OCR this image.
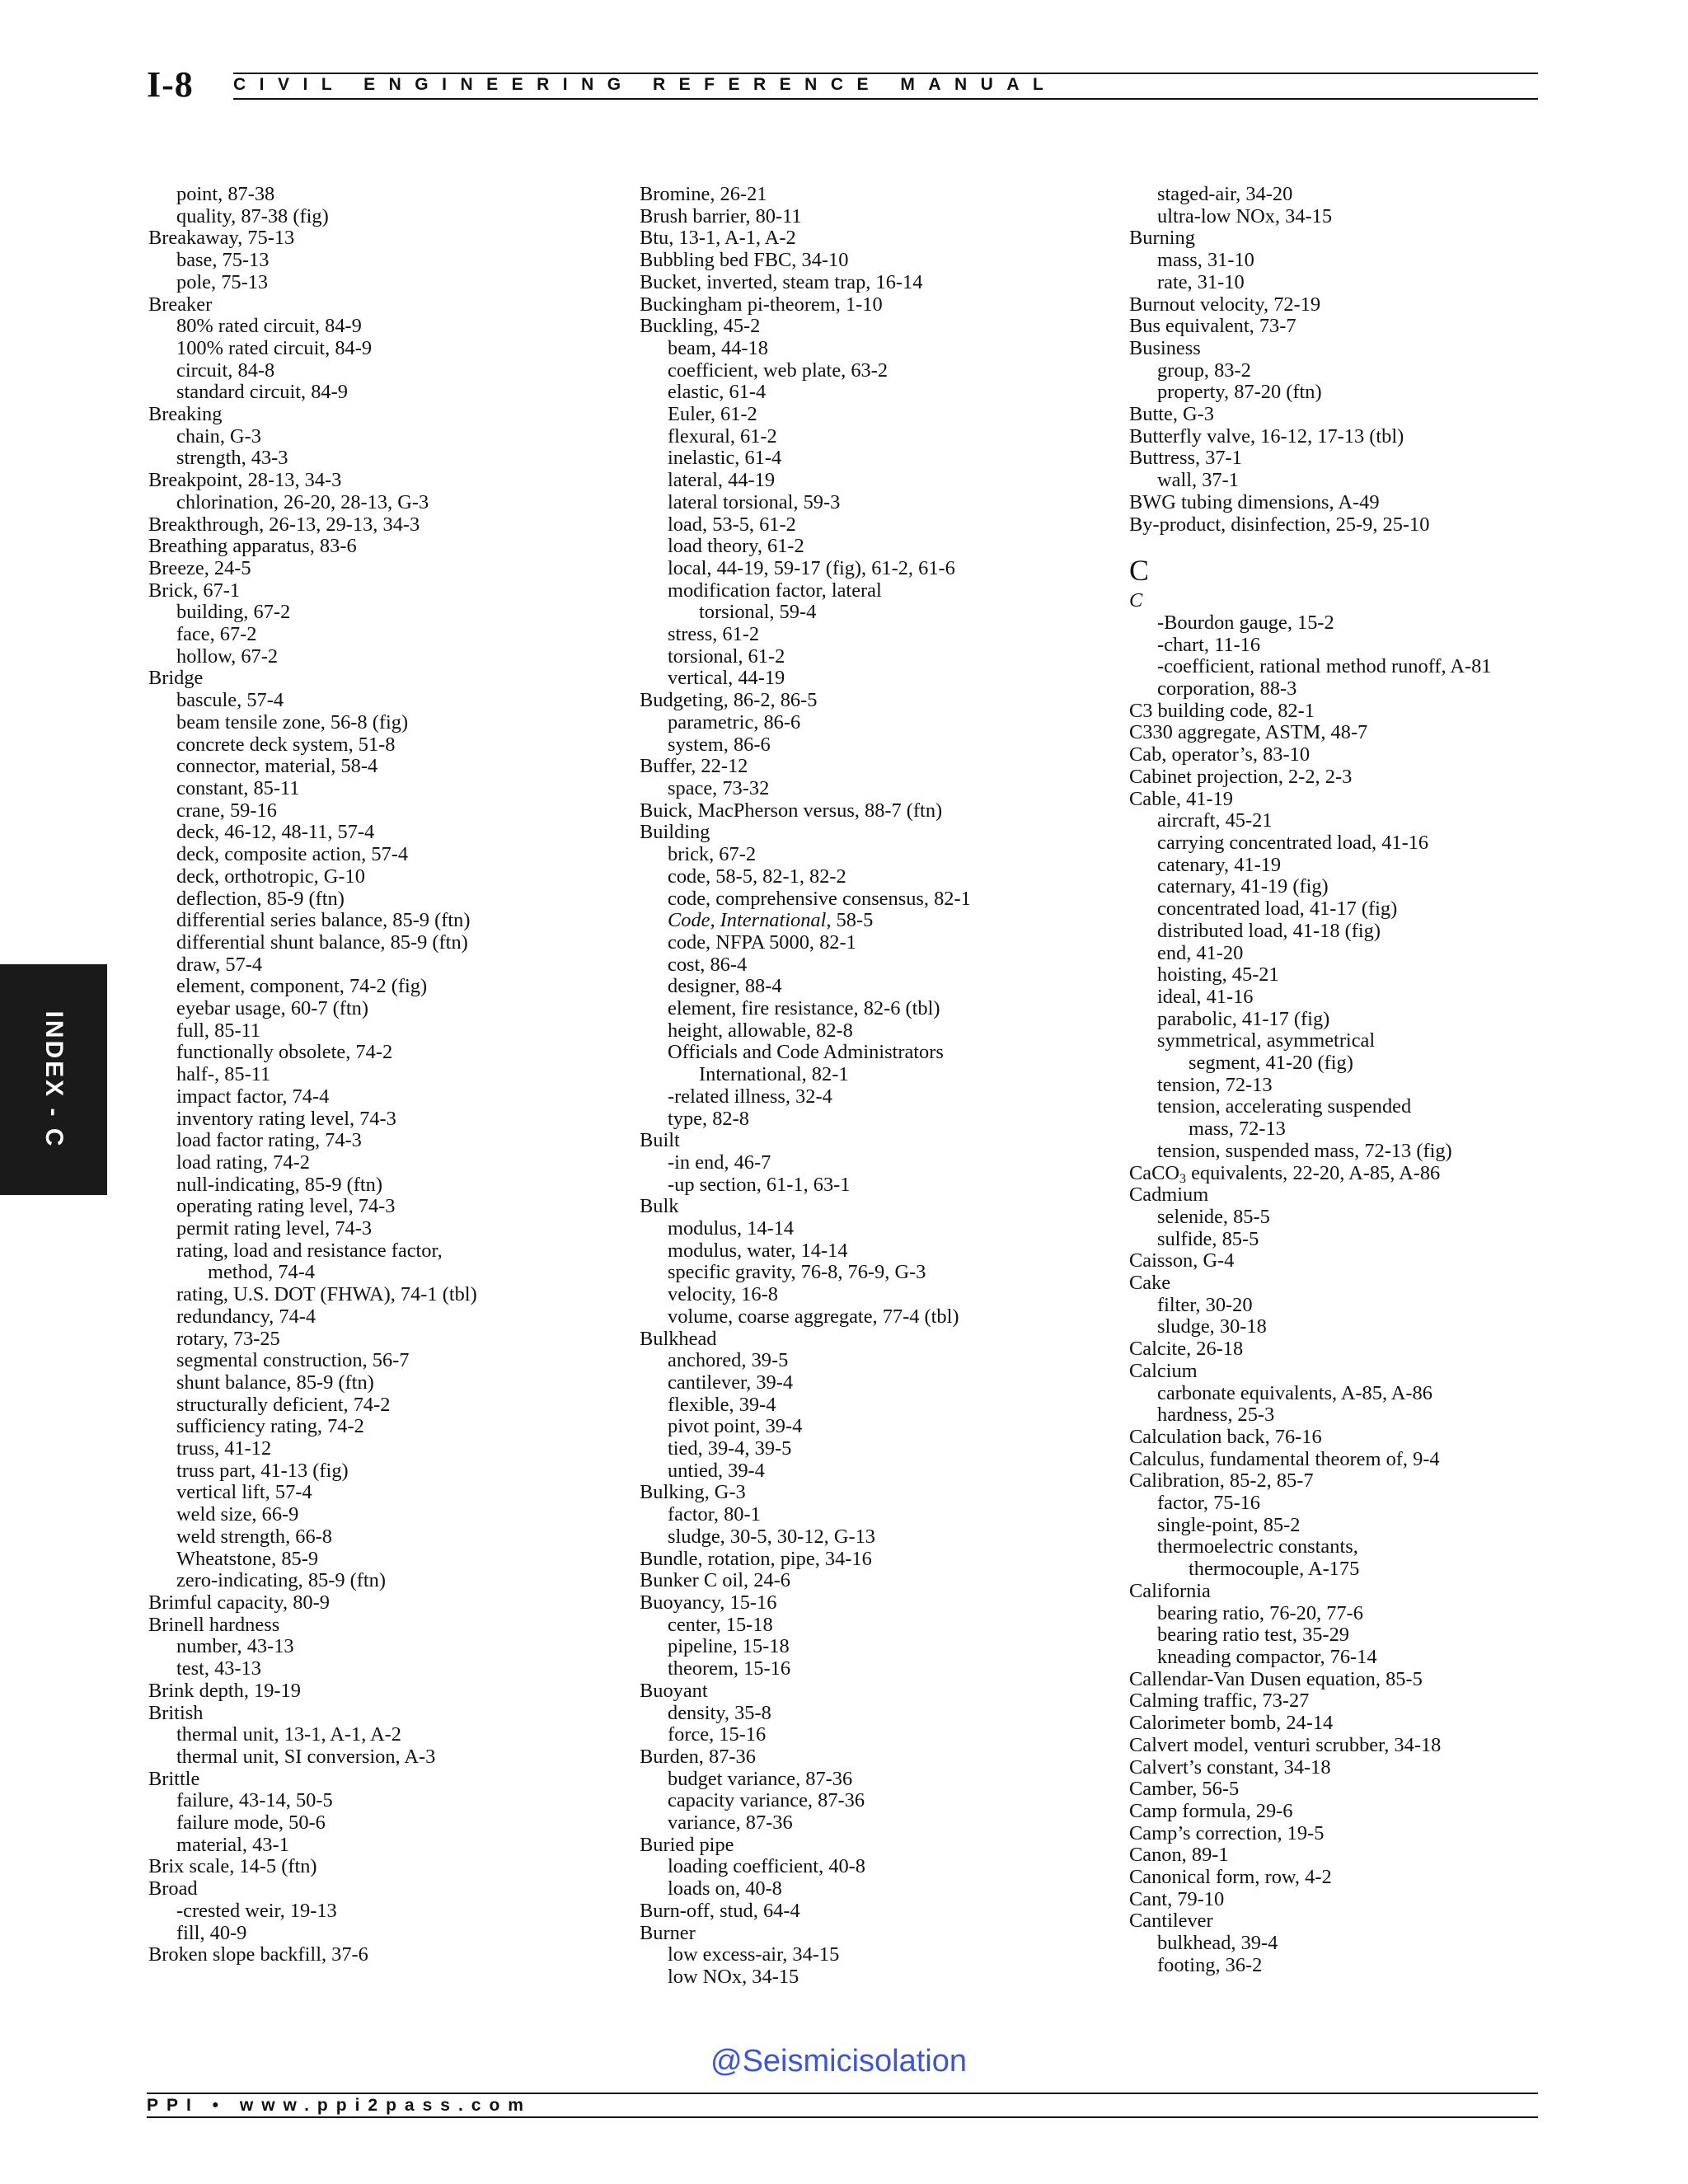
I-8 CIVIL ENGINEERING REFERENCE MANUAL
INDEX - C
point, 87-38
quality, 87-38 (fig)
Breakaway, 75-13
base, 75-13
pole, 75-13
Breaker
80% rated circuit, 84-9
100% rated circuit, 84-9
circuit, 84-8
standard circuit, 84-9
Breaking
chain, G-3
strength, 43-3
Breakpoint, 28-13, 34-3
chlorination, 26-20, 28-13, G-3
Breakthrough, 26-13, 29-13, 34-3
Breathing apparatus, 83-6
Breeze, 24-5
Brick, 67-1
building, 67-2
face, 67-2
hollow, 67-2
Bridge
bascule, 57-4
beam tensile zone, 56-8 (fig)
concrete deck system, 51-8
connector, material, 58-4
constant, 85-11
crane, 59-16
deck, 46-12, 48-11, 57-4
deck, composite action, 57-4
deck, orthotropic, G-10
deflection, 85-9 (ftn)
differential series balance, 85-9 (ftn)
differential shunt balance, 85-9 (ftn)
draw, 57-4
element, component, 74-2 (fig)
eyebar usage, 60-7 (ftn)
full, 85-11
functionally obsolete, 74-2
half-, 85-11
impact factor, 74-4
inventory rating level, 74-3
load factor rating, 74-3
load rating, 74-2
null-indicating, 85-9 (ftn)
operating rating level, 74-3
permit rating level, 74-3
rating, load and resistance factor,
method, 74-4
rating, U.S. DOT (FHWA), 74-1 (tbl)
redundancy, 74-4
rotary, 73-25
segmental construction, 56-7
shunt balance, 85-9 (ftn)
structurally deficient, 74-2
sufficiency rating, 74-2
truss, 41-12
truss part, 41-13 (fig)
vertical lift, 57-4
weld size, 66-9
weld strength, 66-8
Wheatstone, 85-9
zero-indicating, 85-9 (ftn)
Brimful capacity, 80-9
Brinell hardness
number, 43-13
test, 43-13
Brink depth, 19-19
British
thermal unit, 13-1, A-1, A-2
thermal unit, SI conversion, A-3
Brittle
failure, 43-14, 50-5
failure mode, 50-6
material, 43-1
Brix scale, 14-5 (ftn)
Broad
-crested weir, 19-13
fill, 40-9
Broken slope backfill, 37-6
Bromine, 26-21
Brush barrier, 80-11
Btu, 13-1, A-1, A-2
Bubbling bed FBC, 34-10
Bucket, inverted, steam trap, 16-14
Buckingham pi-theorem, 1-10
Buckling, 45-2
beam, 44-18
coefficient, web plate, 63-2
elastic, 61-4
Euler, 61-2
flexural, 61-2
inelastic, 61-4
lateral, 44-19
lateral torsional, 59-3
load, 53-5, 61-2
load theory, 61-2
local, 44-19, 59-17 (fig), 61-2, 61-6
modification factor, lateral
torsional, 59-4
stress, 61-2
torsional, 61-2
vertical, 44-19
Budgeting, 86-2, 86-5
parametric, 86-6
system, 86-6
Buffer, 22-12
space, 73-32
Buick, MacPherson versus, 88-7 (ftn)
Building
brick, 67-2
code, 58-5, 82-1, 82-2
code, comprehensive consensus, 82-1
Code, International, 58-5
code, NFPA 5000, 82-1
cost, 86-4
designer, 88-4
element, fire resistance, 82-6 (tbl)
height, allowable, 82-8
Officials and Code Administrators
International, 82-1
-related illness, 32-4
type, 82-8
Built
-in end, 46-7
-up section, 61-1, 63-1
Bulk
modulus, 14-14
modulus, water, 14-14
specific gravity, 76-8, 76-9, G-3
velocity, 16-8
volume, coarse aggregate, 77-4 (tbl)
Bulkhead
anchored, 39-5
cantilever, 39-4
flexible, 39-4
pivot point, 39-4
tied, 39-4, 39-5
untied, 39-4
Bulking, G-3
factor, 80-1
sludge, 30-5, 30-12, G-13
Bundle, rotation, pipe, 34-16
Bunker C oil, 24-6
Buoyancy, 15-16
center, 15-18
pipeline, 15-18
theorem, 15-16
Buoyant
density, 35-8
force, 15-16
Burden, 87-36
budget variance, 87-36
capacity variance, 87-36
variance, 87-36
Buried pipe
loading coefficient, 40-8
loads on, 40-8
Burn-off, stud, 64-4
Burner
low excess-air, 34-15
low NOx, 34-15
staged-air, 34-20
ultra-low NOx, 34-15
Burning
mass, 31-10
rate, 31-10
Burnout velocity, 72-19
Bus equivalent, 73-7
Business
group, 83-2
property, 87-20 (ftn)
Butte, G-3
Butterfly valve, 16-12, 17-13 (tbl)
Buttress, 37-1
wall, 37-1
BWG tubing dimensions, A-49
By-product, disinfection, 25-9, 25-10
C
C
-Bourdon gauge, 15-2
-chart, 11-16
-coefficient, rational method runoff, A-81
corporation, 88-3
C3 building code, 82-1
C330 aggregate, ASTM, 48-7
Cab, operator’s, 83-10
Cabinet projection, 2-2, 2-3
Cable, 41-19
aircraft, 45-21
carrying concentrated load, 41-16
catenary, 41-19
caternary, 41-19 (fig)
concentrated load, 41-17 (fig)
distributed load, 41-18 (fig)
end, 41-20
hoisting, 45-21
ideal, 41-16
parabolic, 41-17 (fig)
symmetrical, asymmetrical
segment, 41-20 (fig)
tension, 72-13
tension, accelerating suspended
mass, 72-13
tension, suspended mass, 72-13 (fig)
CaCO$_3$ equivalents, 22-20, A-85, A-86
Cadmium
selenide, 85-5
sulfide, 85-5
Caisson, G-4
Cake
filter, 30-20
sludge, 30-18
Calcite, 26-18
Calcium
carbonate equivalents, A-85, A-86
hardness, 25-3
Calculation back, 76-16
Calculus, fundamental theorem of, 9-4
Calibration, 85-2, 85-7
factor, 75-16
single-point, 85-2
thermoelectric constants,
thermocouple, A-175
California
bearing ratio, 76-20, 77-6
bearing ratio test, 35-29
kneading compactor, 76-14
Callendar-Van Dusen equation, 85-5
Calming traffic, 73-27
Calorimeter bomb, 24-14
Calvert model, venturi scrubber, 34-18
Calvert’s constant, 34-18
Camber, 56-5
Camp formula, 29-6
Camp’s correction, 19-5
Canon, 89-1
Canonical form, row, 4-2
Cant, 79-10
Cantilever
bulkhead, 39-4
footing, 36-2
@Seismicisolation
PPI • www.ppi2pass.com
